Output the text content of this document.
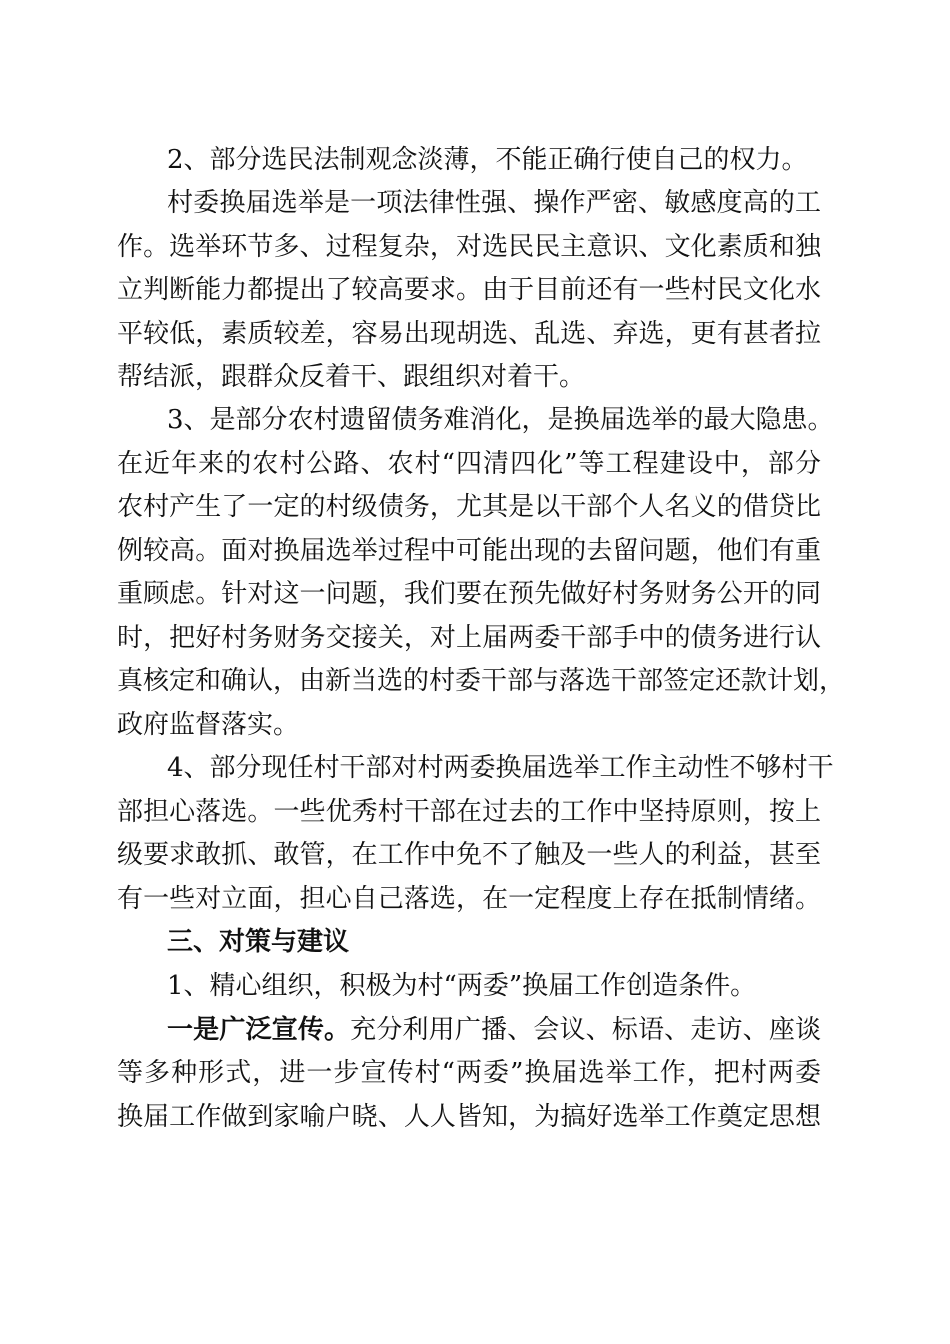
2、部分选民法制观念淡薄，不能正确行使自己的权力。
村委换届选举是一项法律性强、操作严密、敏感度高的工
作。选举环节多、过程复杂，对选民民主意识、文化素质和独
立判断能力都提出了较高要求。由于目前还有一些村民文化水
平较低，素质较差，容易出现胡选、乱选、弃选，更有甚者拉
帮结派，跟群众反着干、跟组织对着干。
3、是部分农村遗留债务难消化，是换届选举的最大隐患。
在近年来的农村公路、农村“四清四化”等工程建设中，部分
农村产生了一定的村级债务，尤其是以干部个人名义的借贷比
例较高。面对换届选举过程中可能出现的去留问题，他们有重
重顾虑。针对这一问题，我们要在预先做好村务财务公开的同
时，把好村务财务交接关，对上届两委干部手中的债务进行认
真核定和确认，由新当选的村委干部与落选干部签定还款计划，
政府监督落实。
4、部分现任村干部对村两委换届选举工作主动性不够村干
部担心落选。一些优秀村干部在过去的工作中坚持原则，按上
级要求敢抓、敢管，在工作中免不了触及一些人的利益，甚至
有一些对立面，担心自己落选，在一定程度上存在抵制情绪。
三、对策与建议
1、精心组织，积极为村“两委”换届工作创造条件。
一是广泛宣传。充分利用广播、会议、标语、走访、座谈
等多种形式，进一步宣传村“两委”换届选举工作，把村两委
换届工作做到家喻户晓、人人皆知，为搞好选举工作奠定思想
